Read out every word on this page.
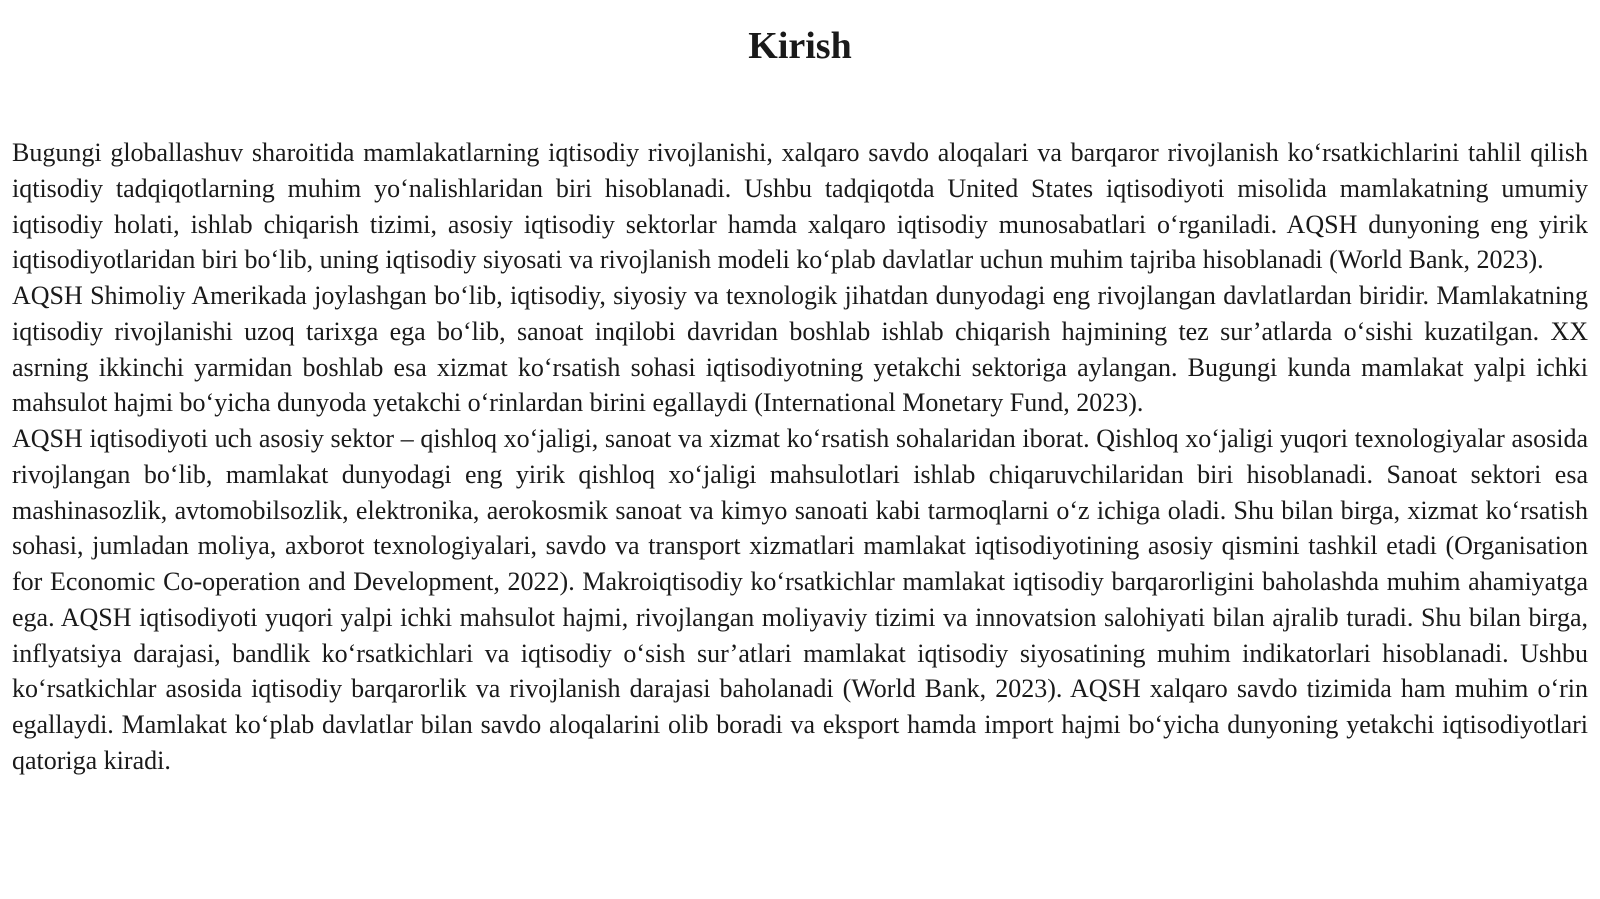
Kirish

Bugungi globallashuv sharoitida mamlakatlarning iqtisodiy rivojlanishi, xalqaro savdo aloqalari va barqaror rivojlanish ko‘rsatkichlarini tahlil qilish iqtisodiy tadqiqotlarning muhim yo‘nalishlaridan biri hisoblanadi. Ushbu tadqiqotda United States iqtisodiyoti misolida mamlakatning umumiy iqtisodiy holati, ishlab chiqarish tizimi, asosiy iqtisodiy sektorlar hamda xalqaro iqtisodiy munosabatlari o‘rganiladi. AQSH dunyoning eng yirik iqtisodiyotlaridan biri bo‘lib, uning iqtisodiy siyosati va rivojlanish modeli ko‘plab davlatlar uchun muhim tajriba hisoblanadi (World Bank, 2023).

AQSH Shimoliy Amerikada joylashgan bo‘lib, iqtisodiy, siyosiy va texnologik jihatdan dunyodagi eng rivojlangan davlatlardan biridir. Mamlakatning iqtisodiy rivojlanishi uzoq tarixga ega bo‘lib, sanoat inqilobi davridan boshlab ishlab chiqarish hajmining tez sur’atlarda o‘sishi kuzatilgan. XX asrning ikkinchi yarmidan boshlab esa xizmat ko‘rsatish sohasi iqtisodiyotning yetakchi sektoriga aylangan. Bugungi kunda mamlakat yalpi ichki mahsulot hajmi bo‘yicha dunyoda yetakchi o‘rinlardan birini egallaydi (International Monetary Fund, 2023).

AQSH iqtisodiyoti uch asosiy sektor – qishloq xo‘jaligi, sanoat va xizmat ko‘rsatish sohalaridan iborat. Qishloq xo‘jaligi yuqori texnologiyalar asosida rivojlangan bo‘lib, mamlakat dunyodagi eng yirik qishloq xo‘jaligi mahsulotlari ishlab chiqaruvchilaridan biri hisoblanadi. Sanoat sektori esa mashinasozlik, avtomobilsozlik, elektronika, aerokosmik sanoat va kimyo sanoati kabi tarmoqlarni o‘z ichiga oladi. Shu bilan birga, xizmat ko‘rsatish sohasi, jumladan moliya, axborot texnologiyalari, savdo va transport xizmatlari mamlakat iqtisodiyotining asosiy qismini tashkil etadi (Organisation for Economic Co-operation and Development, 2022). Makroiqtisodiy ko‘rsatkichlar mamlakat iqtisodiy barqarorligini baholashda muhim ahamiyatga ega. AQSH iqtisodiyoti yuqori yalpi ichki mahsulot hajmi, rivojlangan moliyaviy tizimi va innovatsion salohiyati bilan ajralib turadi. Shu bilan birga, inflyatsiya darajasi, bandlik ko‘rsatkichlari va iqtisodiy o‘sish sur’atlari mamlakat iqtisodiy siyosatining muhim indikatorlari hisoblanadi. Ushbu ko‘rsatkichlar asosida iqtisodiy barqarorlik va rivojlanish darajasi baholanadi (World Bank, 2023). AQSH xalqaro savdo tizimida ham muhim o‘rin egallaydi. Mamlakat ko‘plab davlatlar bilan savdo aloqalarini olib boradi va eksport hamda import hajmi bo‘yicha dunyoning yetakchi iqtisodiyotlari qatoriga kiradi.
